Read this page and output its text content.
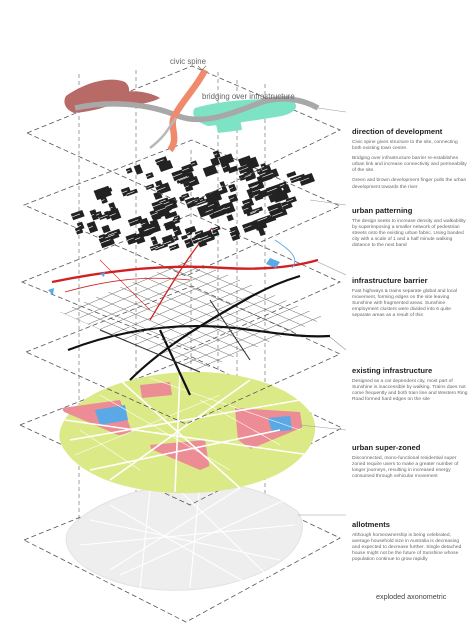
civic spine
bridging over infrastructure
direction of development

Civic spine gives structure to the site, connecting both existing town centre.

Bridging over infrastructure barrier re-establishes urban link and increase connectivity and permeability of the site.

Green and brown development finger pulls the urban development towards the river

urban patterning

The design seeks to increase density and walkability by superimposing a smaller network of pedestrian streets onto the existing urban fabric. Using banded city with a scale of 1 and a half minute walking distance to the next band

infrastructure barrier

Fast highways & trains separate global and local movement, forming edges on the site leaving Sunshine with fragmented areas. Sunshine employment clusters were divided into 6 quite separate areas as a result of this

existing infrastructure

Designed as a car dependent city, most part of Sunshine is inaccessible by walking. Trains does not come frequently and both train line and Western Ring Road formed hard edges on the site

urban super-zoned

Disconnected, mono-functional residential super zoned require users to make a greater number of longer journeys, resulting in increased energy consumed through vehicular movement

allotments

Although homeownership is being celebrated, average household size in Australia is decreasing and expected to decrease further. Single detached house might not be the future of Sunshine whose population continue to grow rapidly

exploded axonometric
